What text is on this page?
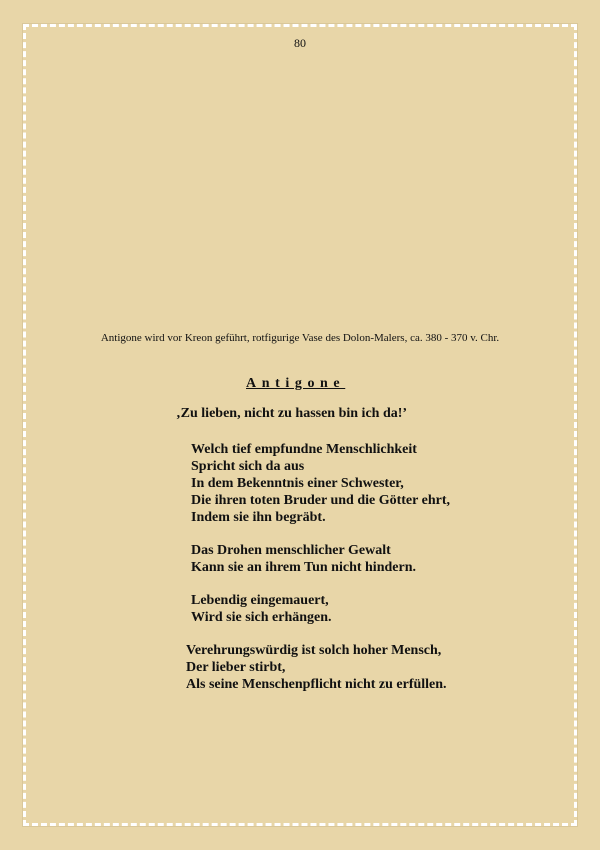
80
Antigone wird vor Kreon geführt, rotfigurige Vase des Dolon-Malers, ca. 380 - 370 v. Chr.
Antigone
‚Zu lieben, nicht zu hassen bin ich da!’
Welch tief empfundne Menschlichkeit
Spricht sich da aus
In dem Bekenntnis einer Schwester,
Die ihren toten Bruder und die Götter ehrt,
Indem sie ihn begräbt.
Das Drohen menschlicher Gewalt
Kann sie an ihrem Tun nicht hindern.
Lebendig eingemauert,
Wird sie sich erhängen.
Verehrungswürdig ist solch hoher Mensch,
Der lieber stirbt,
Als seine Menschenpflicht nicht zu erfüllen.
